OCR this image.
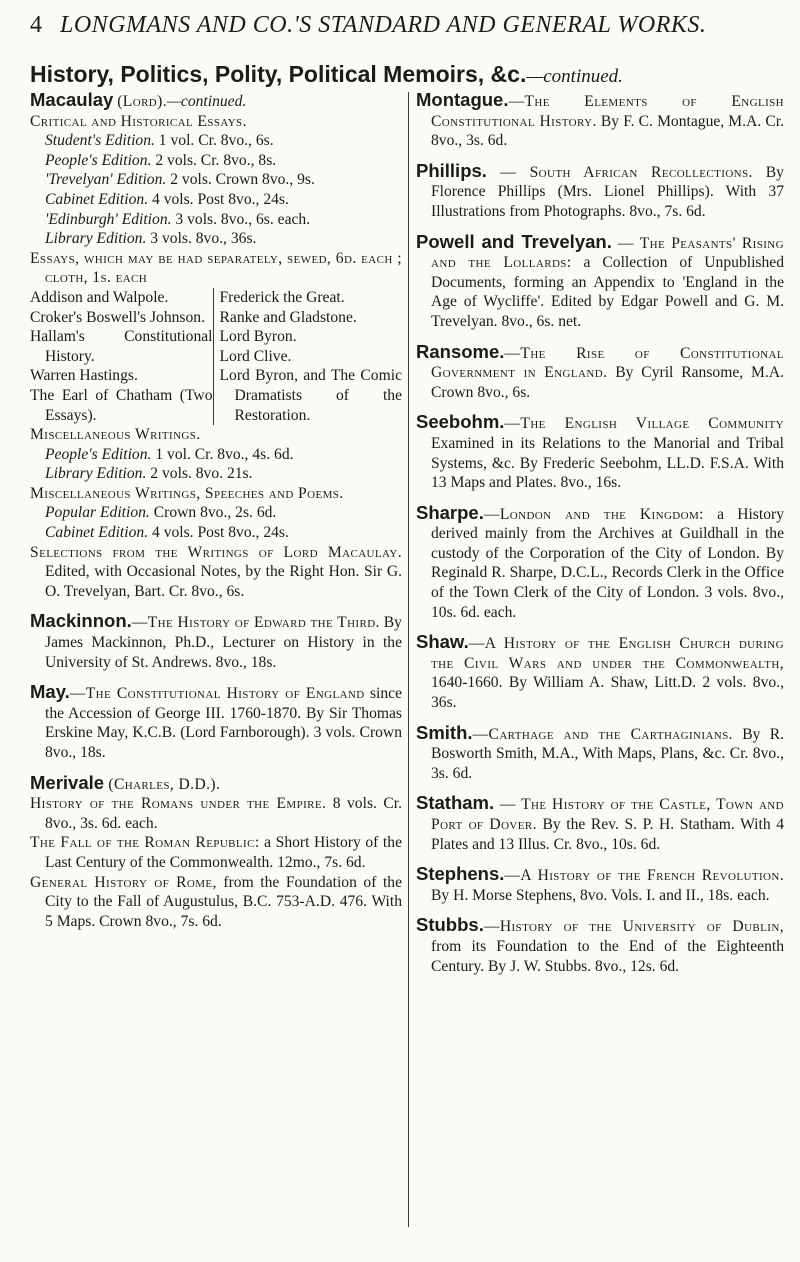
4 LONGMANS AND CO.'S STANDARD AND GENERAL WORKS.
History, Politics, Polity, Political Memoirs, &c.—continued.

Macaulay (Lord).—continued.

Critical and Historical Essays.

Student's Edition. 1 vol. Cr. 8vo., 6s.

People's Edition. 2 vols. Cr. 8vo., 8s.

'Trevelyan' Edition. 2 vols. Crown 8vo., 9s.

Cabinet Edition. 4 vols. Post 8vo., 24s.

'Edinburgh' Edition. 3 vols. 8vo., 6s. each.

Library Edition. 3 vols. 8vo., 36s.

Essays, which may be had separately, sewed, 6d. each ; cloth, 1s. each

Addison and Walpole.
Croker's Boswell's Johnson.
Hallam's Constitutional History.
Warren Hastings.
The Earl of Chatham (Two Essays).
Frederick the Great.
Ranke and Gladstone.
Lord Byron.
Lord Clive.
Lord Byron, and The Comic Dramatists of the Restoration.

Miscellaneous Writings.

People's Edition. 1 vol. Cr. 8vo., 4s. 6d.

Library Edition. 2 vols. 8vo. 21s.

Miscellaneous Writings, Speeches and Poems.

Popular Edition. Crown 8vo., 2s. 6d.

Cabinet Edition. 4 vols. Post 8vo., 24s.

Selections from the Writings of Lord Macaulay. Edited, with Occasional Notes, by the Right Hon. Sir G. O. Trevelyan, Bart. Cr. 8vo., 6s.

Mackinnon.—The History of Edward the Third. By James Mackinnon, Ph.D., Lecturer on History in the University of St. Andrews. 8vo., 18s.
May.—The Constitutional History of England since the Accession of George III. 1760-1870. By Sir Thomas Erskine May, K.C.B. (Lord Farnborough). 3 vols. Crown 8vo., 18s.

Merivale (Charles, D.D.).

History of the Romans under the Empire. 8 vols. Cr. 8vo., 3s. 6d. each.

The Fall of the Roman Republic: a Short History of the Last Century of the Commonwealth. 12mo., 7s. 6d.

General History of Rome, from the Foundation of the City to the Fall of Augustulus, B.C. 753-A.D. 476. With 5 Maps. Crown 8vo., 7s. 6d.

Montague.—The Elements of English Constitutional History. By F. C. Montague, M.A. Cr. 8vo., 3s. 6d.
Phillips. — South African Recollections. By Florence Phillips (Mrs. Lionel Phillips). With 37 Illustrations from Photographs. 8vo., 7s. 6d.
Powell and Trevelyan. — The Peasants' Rising and the Lollards: a Collection of Unpublished Documents, forming an Appendix to 'England in the Age of Wycliffe'. Edited by Edgar Powell and G. M. Trevelyan. 8vo., 6s. net.
Ransome.—The Rise of Constitutional Government in England. By Cyril Ransome, M.A. Crown 8vo., 6s.
Seebohm.—The English Village Community Examined in its Relations to the Manorial and Tribal Systems, &c. By Frederic Seebohm, LL.D. F.S.A. With 13 Maps and Plates. 8vo., 16s.
Sharpe.—London and the Kingdom: a History derived mainly from the Archives at Guildhall in the custody of the Corporation of the City of London. By Reginald R. Sharpe, D.C.L., Records Clerk in the Office of the Town Clerk of the City of London. 3 vols. 8vo., 10s. 6d. each.
Shaw.—A History of the English Church during the Civil Wars and under the Commonwealth, 1640-1660. By William A. Shaw, Litt.D. 2 vols. 8vo., 36s.
Smith.—Carthage and the Carthaginians. By R. Bosworth Smith, M.A., With Maps, Plans, &c. Cr. 8vo., 3s. 6d.
Statham. — The History of the Castle, Town and Port of Dover. By the Rev. S. P. H. Statham. With 4 Plates and 13 Illus. Cr. 8vo., 10s. 6d.
Stephens.—A History of the French Revolution. By H. Morse Stephens, 8vo. Vols. I. and II., 18s. each.
Stubbs.—History of the University of Dublin, from its Foundation to the End of the Eighteenth Century. By J. W. Stubbs. 8vo., 12s. 6d.
